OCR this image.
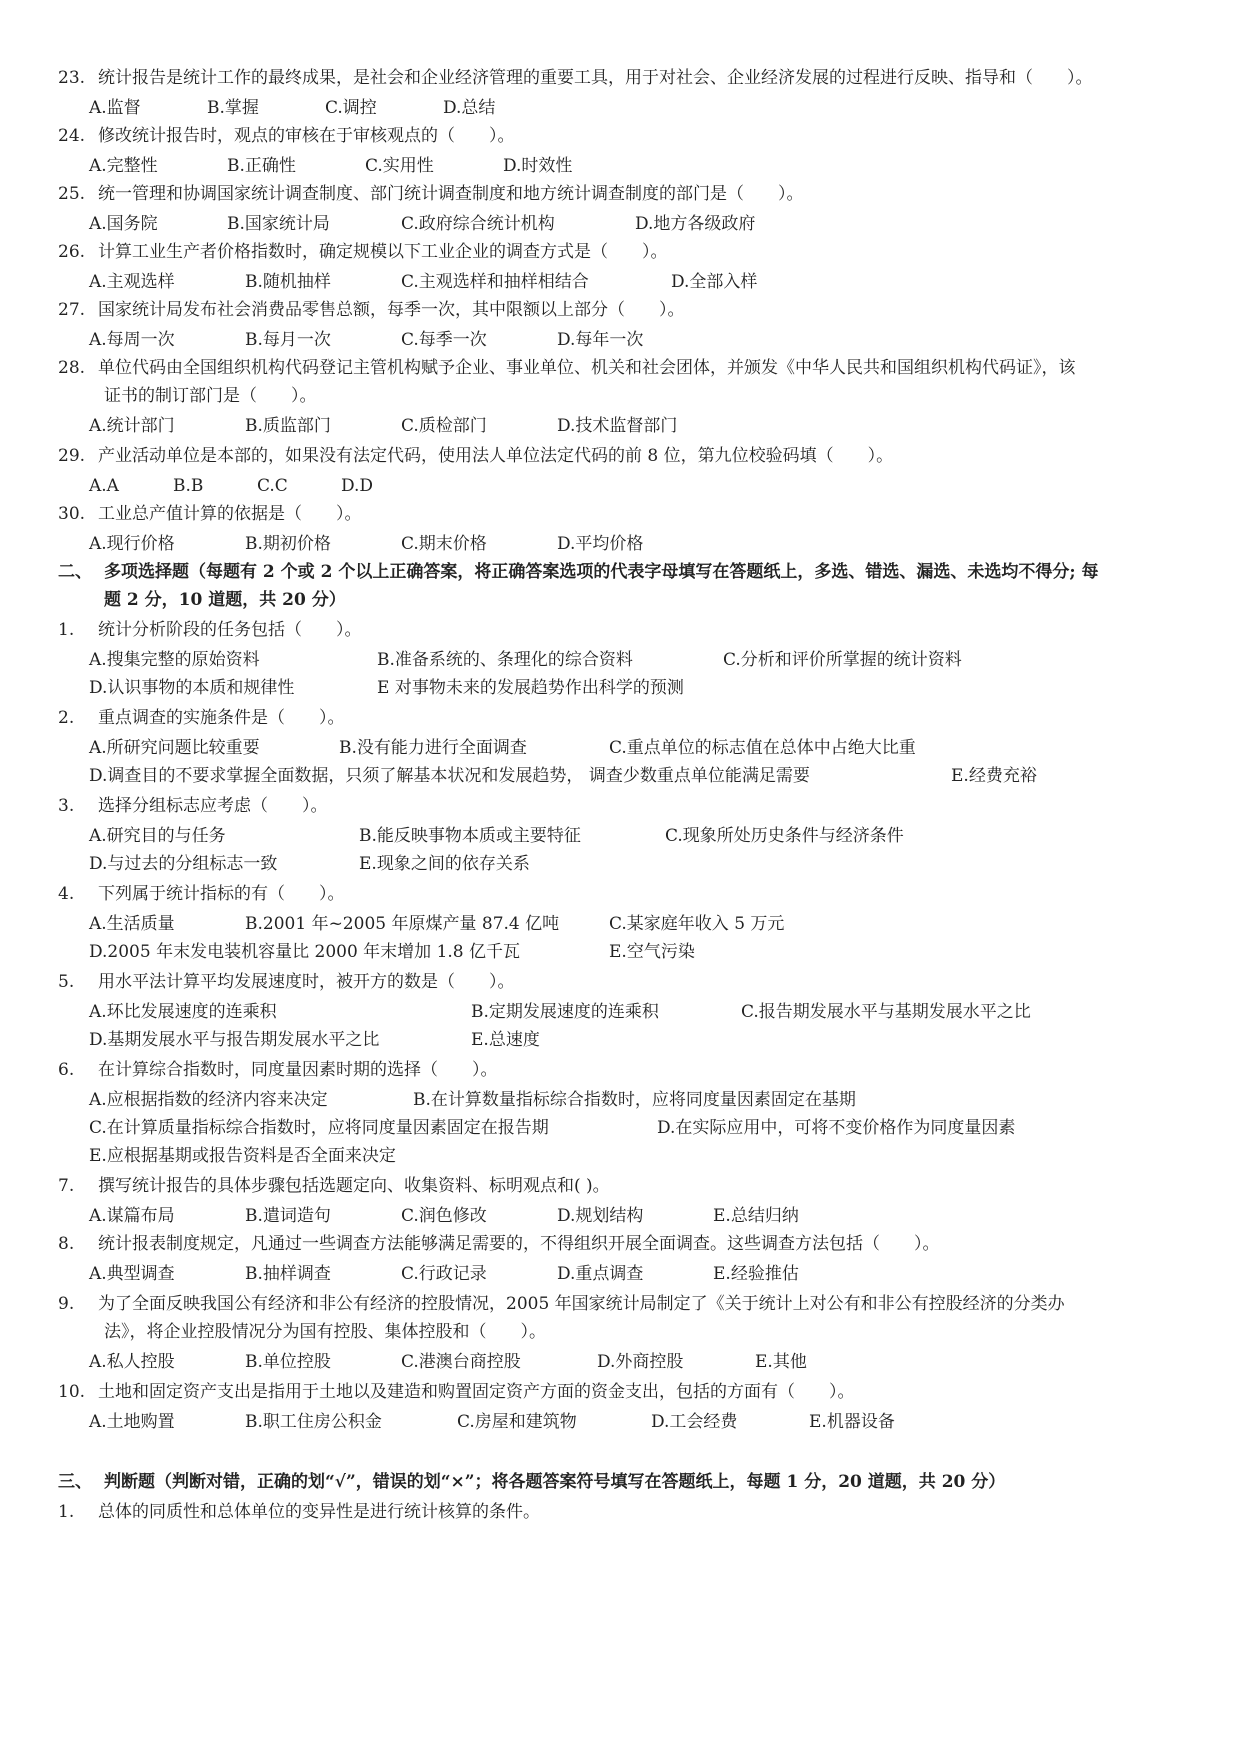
23. 统计报告是统计工作的最终成果，是社会和企业经济管理的重要工具，用于对社会、企业经济发展的过程进行反映、指导和（　　）。
A.监督	B.掌握	C.调控	D.总结
24. 修改统计报告时，观点的审核在于审核观点的（　　）。
A.完整性	B.正确性	C.实用性	D.时效性
25. 统一管理和协调国家统计调查制度、部门统计调查制度和地方统计调查制度的部门是（　　）。
A.国务院	B.国家统计局	C.政府综合统计机构	D.地方各级政府
26. 计算工业生产者价格指数时，确定规模以下工业企业的调查方式是（　　）。
A.主观选样	B.随机抽样	C.主观选样和抽样相结合	D.全部入样
27. 国家统计局发布社会消费品零售总额，每季一次，其中限额以上部分（　　）。
A.每周一次	B.每月一次	C.每季一次	D.每年一次
28. 单位代码由全国组织机构代码登记主管机构赋予企业、事业单位、机关和社会团体，并颁发《中华人民共和国组织机构代码证》，该
证书的制订部门是（　　）。
A.统计部门	B.质监部门	C.质检部门	D.技术监督部门
29. 产业活动单位是本部的，如果没有法定代码，使用法人单位法定代码的前 8 位，第九位校验码填（　　）。
A.A	B.B	C.C	D.D
30. 工业总产值计算的依据是（　　）。
A.现行价格	B.期初价格	C.期末价格	D.平均价格
二、 多项选择题（每题有 2 个或 2 个以上正确答案，将正确答案选项的代表字母填写在答题纸上，多选、错选、漏选、未选均不得分; 每
题 2 分，10 道题，共 20 分）
1. 统计分析阶段的任务包括（　　）。
A.搜集完整的原始资料	B.准备系统的、条理化的综合资料	C.分析和评价所掌握的统计资料
D.认识事物的本质和规律性	E 对事物未来的发展趋势作出科学的预测
2. 重点调查的实施条件是（　　）。
A.所研究问题比较重要	B.没有能力进行全面调查	C.重点单位的标志值在总体中占绝大比重
D.调查目的不要求掌握全面数据，只须了解基本状况和发展趋势， 调查少数重点单位能满足需要	E.经费充裕
3. 选择分组标志应考虑（　　）。
A.研究目的与任务	B.能反映事物本质或主要特征	C.现象所处历史条件与经济条件
D.与过去的分组标志一致	E.现象之间的依存关系
4. 下列属于统计指标的有（　　）。
A.生活质量	B.2001 年~2005 年原煤产量 87.4 亿吨	C.某家庭年收入 5 万元
D.2005 年末发电装机容量比 2000 年末增加 1.8 亿千瓦	E.空气污染
5. 用水平法计算平均发展速度时，被开方的数是（　　）。
A.环比发展速度的连乘积	B.定期发展速度的连乘积	C.报告期发展水平与基期发展水平之比
D.基期发展水平与报告期发展水平之比	E.总速度
6. 在计算综合指数时，同度量因素时期的选择（　　）。
A.应根据指数的经济内容来决定	B.在计算数量指标综合指数时，应将同度量因素固定在基期
C.在计算质量指标综合指数时，应将同度量因素固定在报告期	D.在实际应用中，可将不变价格作为同度量因素
E.应根据基期或报告资料是否全面来决定
7. 撰写统计报告的具体步骤包括选题定向、收集资料、标明观点和( )。
A.谋篇布局	B.遣词造句	C.润色修改	D.规划结构	E.总结归纳
8. 统计报表制度规定，凡通过一些调查方法能够满足需要的，不得组织开展全面调查。这些调查方法包括（　　）。
A.典型调查	B.抽样调查	C.行政记录	D.重点调查	E.经验推估
9. 为了全面反映我国公有经济和非公有经济的控股情况，2005 年国家统计局制定了《关于统计上对公有和非公有控股经济的分类办
法》，将企业控股情况分为国有控股、集体控股和（　　）。
A.私人控股	B.单位控股	C.港澳台商控股	D.外商控股	E.其他
10. 土地和固定资产支出是指用于土地以及建造和购置固定资产方面的资金支出，包括的方面有（　　）。
A.土地购置	B.职工住房公积金	C.房屋和建筑物	D.工会经费	E.机器设备
三、 判断题（判断对错，正确的划“√”，错误的划“×”；将各题答案符号填写在答题纸上，每题 1 分，20 道题，共 20 分）
1. 总体的同质性和总体单位的变异性是进行统计核算的条件。
